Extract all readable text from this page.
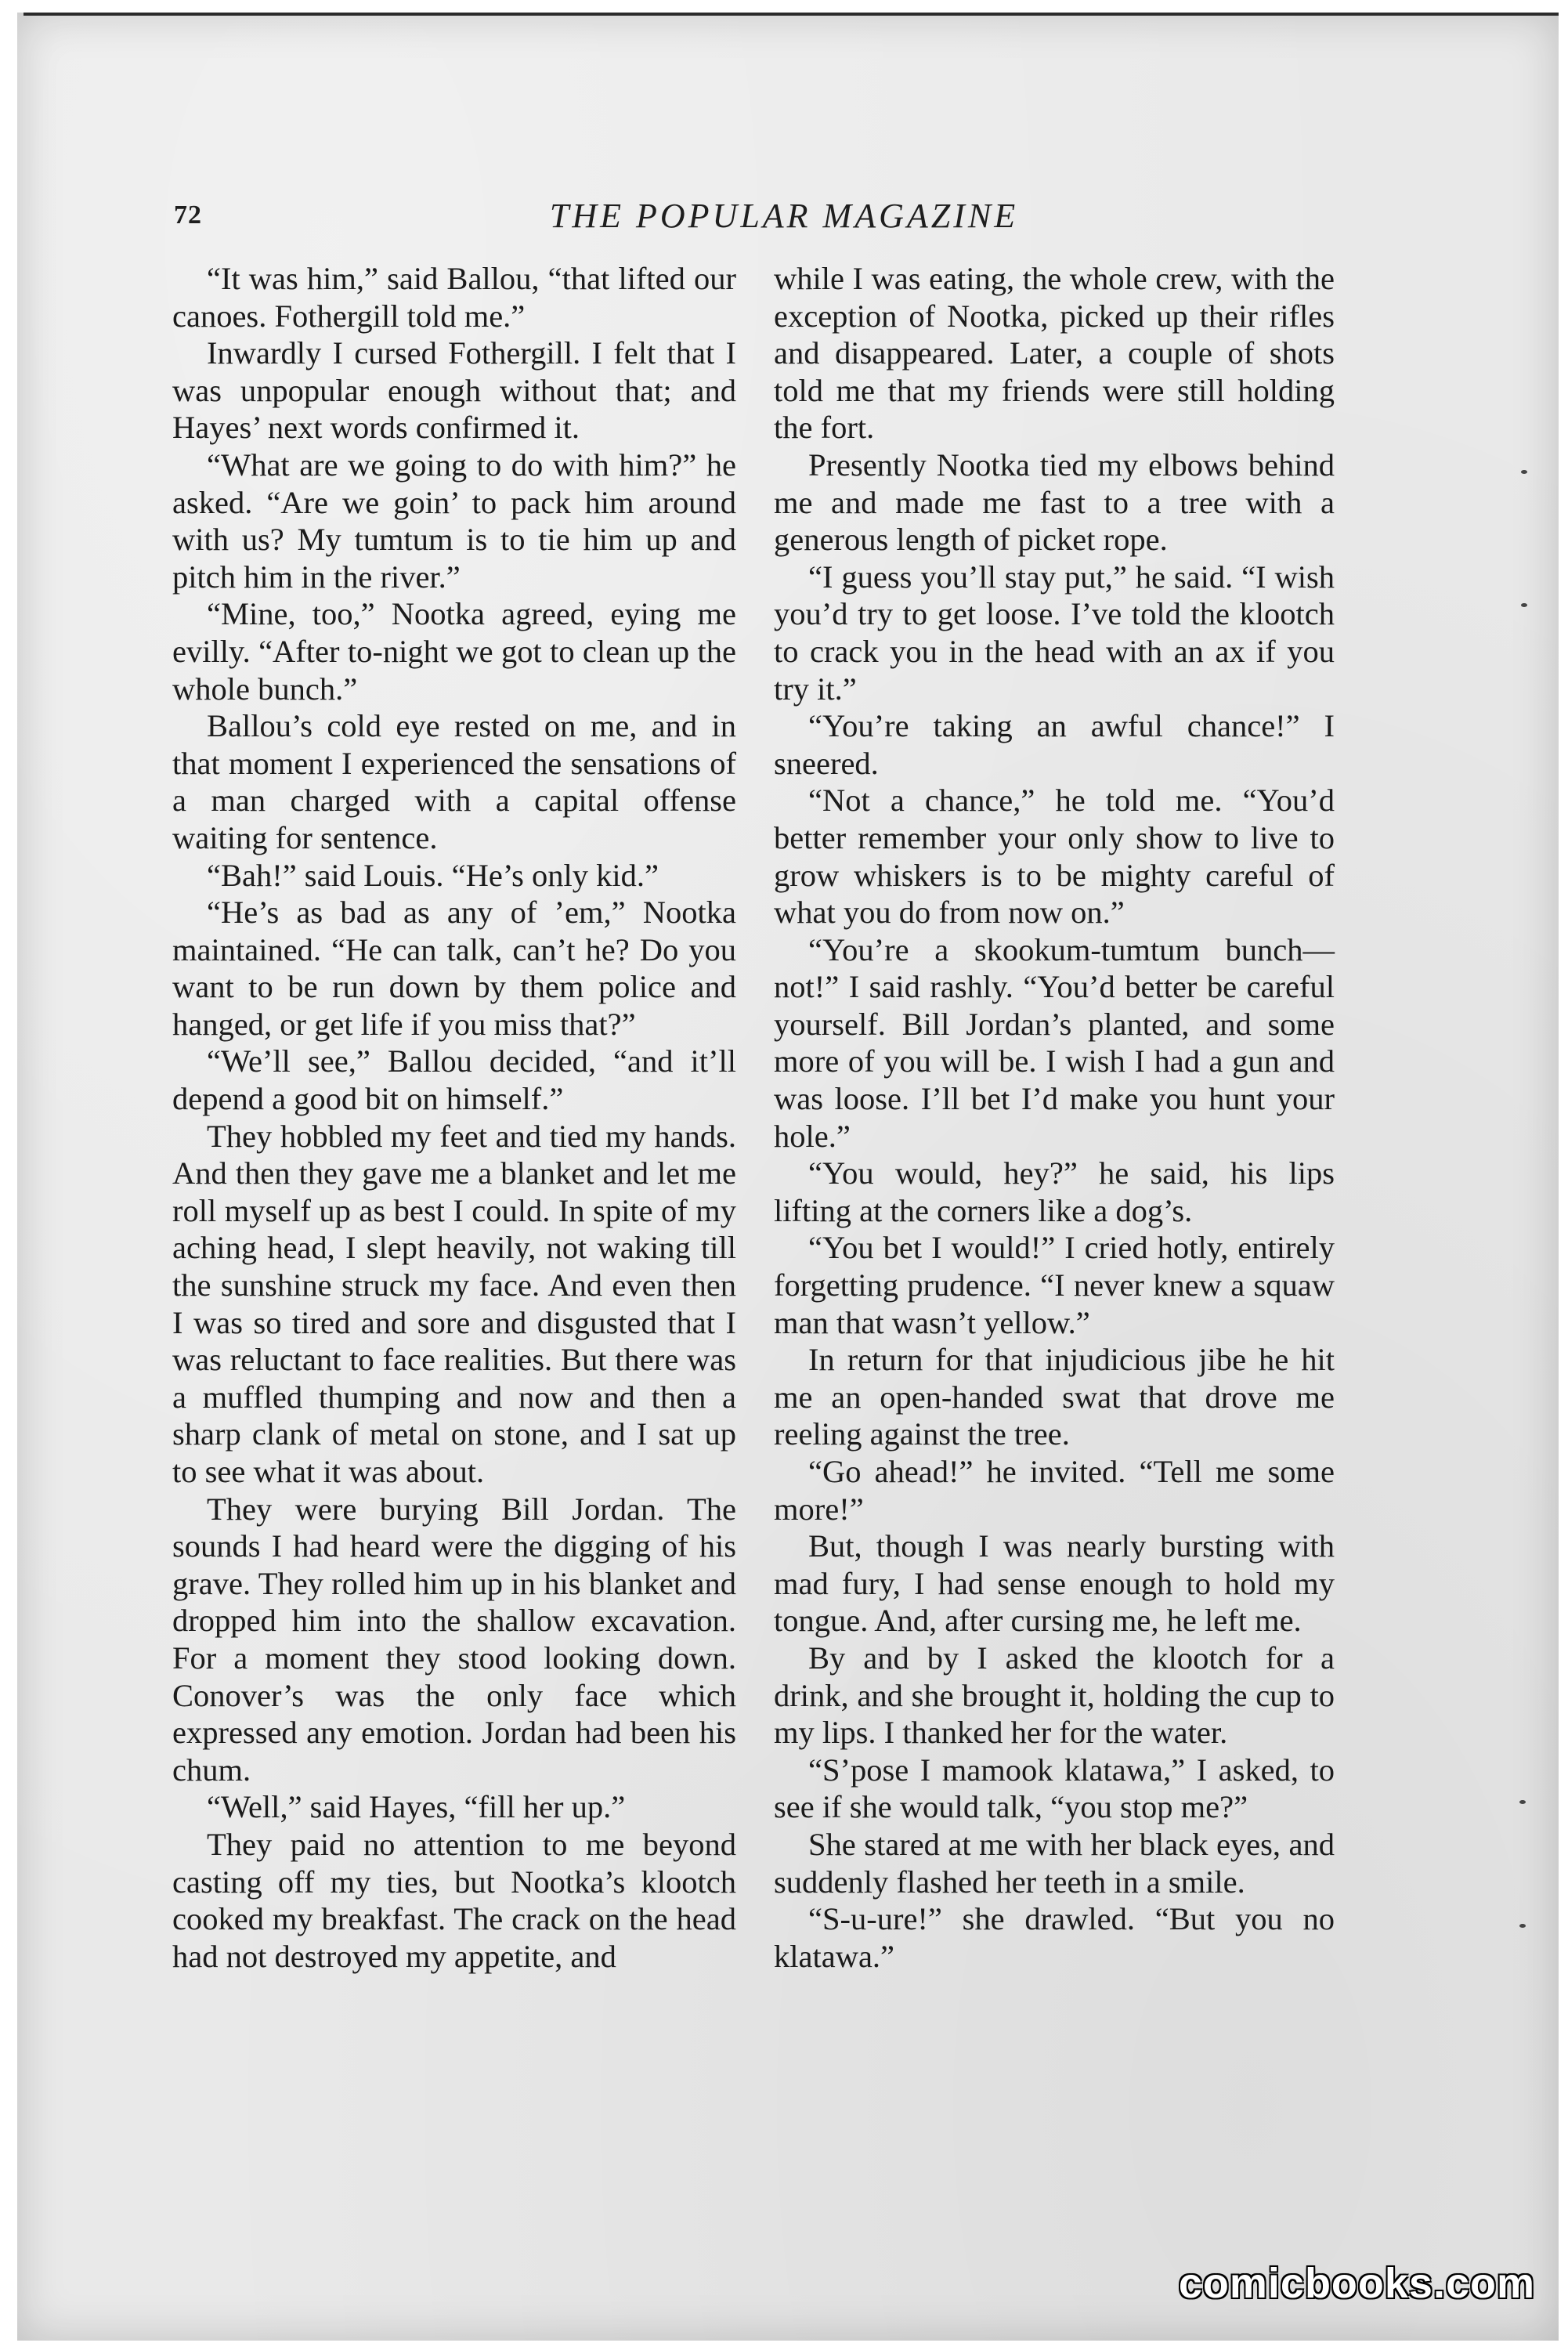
72	THE POPULAR MAGAZINE

“It was him,” said Ballou, “that lifted our canoes. Fothergill told me.”

Inwardly I cursed Fothergill. I felt that I was unpopular enough without that; and Hayes’ next words confirmed it.

“What are we going to do with him?” he asked. “Are we goin’ to pack him around with us? My tumtum is to tie him up and pitch him in the river.”

“Mine, too,” Nootka agreed, eying me evilly. “After to-night we got to clean up the whole bunch.”

Ballou’s cold eye rested on me, and in that moment I experienced the sensations of a man charged with a capital offense waiting for sentence.

“Bah!” said Louis. “He’s only kid.”

“He’s as bad as any of ’em,” Nootka maintained. “He can talk, can’t he? Do you want to be run down by them police and hanged, or get life if you miss that?”

“We’ll see,” Ballou decided, “and it’ll depend a good bit on himself.”

They hobbled my feet and tied my hands. And then they gave me a blanket and let me roll myself up as best I could. In spite of my aching head, I slept heavily, not waking till the sunshine struck my face. And even then I was so tired and sore and disgusted that I was reluctant to face realities. But there was a muffled thumping and now and then a sharp clank of metal on stone, and I sat up to see what it was about.

They were burying Bill Jordan. The sounds I had heard were the digging of his grave. They rolled him up in his blanket and dropped him into the shallow excavation. For a moment they stood looking down. Conover’s was the only face which expressed any emotion. Jordan had been his chum.

“Well,” said Hayes, “fill her up.”

They paid no attention to me beyond casting off my ties, but Nootka’s klootch cooked my breakfast. The crack on the head had not destroyed my appetite, and

while I was eating, the whole crew, with the exception of Nootka, picked up their rifles and disappeared. Later, a couple of shots told me that my friends were still holding the fort.

Presently Nootka tied my elbows behind me and made me fast to a tree with a generous length of picket rope.

“I guess you’ll stay put,” he said. “I wish you’d try to get loose. I’ve told the klootch to crack you in the head with an ax if you try it.”

“You’re taking an awful chance!” I sneered.

“Not a chance,” he told me. “You’d better remember your only show to live to grow whiskers is to be mighty careful of what you do from now on.”

“You’re a skookum-tumtum bunch—not!” I said rashly. “You’d better be careful yourself. Bill Jordan’s planted, and some more of you will be. I wish I had a gun and was loose. I’ll bet I’d make you hunt your hole.”

“You would, hey?” he said, his lips lifting at the corners like a dog’s.

“You bet I would!” I cried hotly, entirely forgetting prudence. “I never knew a squaw man that wasn’t yellow.”

In return for that injudicious jibe he hit me an open-handed swat that drove me reeling against the tree.

“Go ahead!” he invited. “Tell me some more!”

But, though I was nearly bursting with mad fury, I had sense enough to hold my tongue. And, after cursing me, he left me.

By and by I asked the klootch for a drink, and she brought it, holding the cup to my lips. I thanked her for the water.

“S’pose I mamook klatawa,” I asked, to see if she would talk, “you stop me?”

She stared at me with her black eyes, and suddenly flashed her teeth in a smile.

“S-u-ure!” she drawled. “But you no klatawa.”

comicbooks.com
